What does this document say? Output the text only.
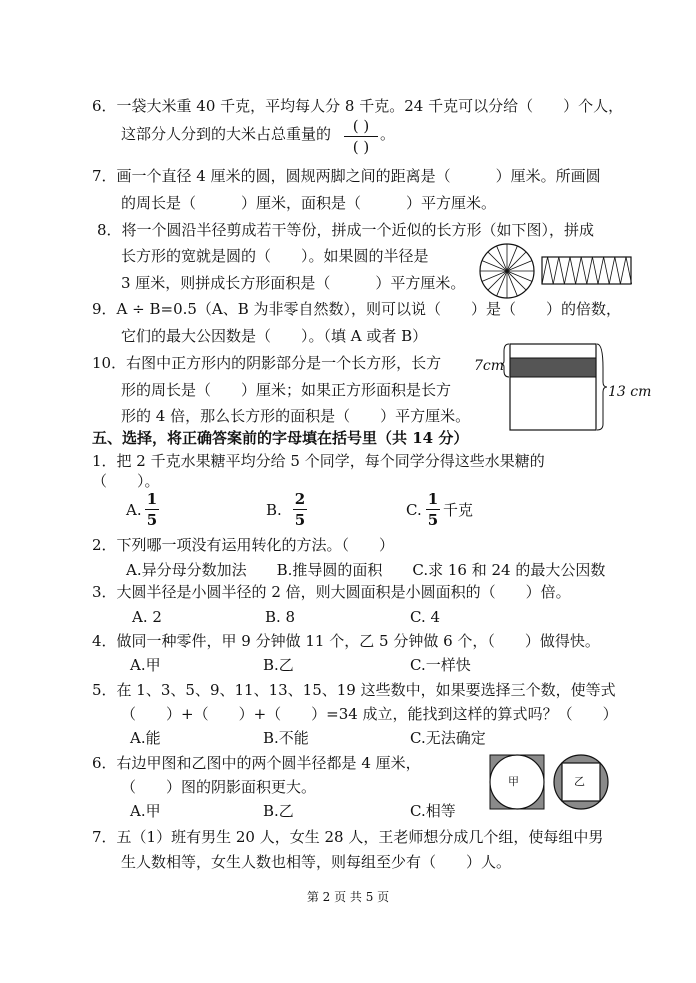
6．一袋大米重 40 千克，平均每人分 8 千克。24 千克可以分给（　　）个人，
这部分人分到的大米占总重量的	( )
( )
。
7．画一个直径 4 厘米的圆，圆规两脚之间的距离是（　　　）厘米。所画圆
的周长是（　　　）厘米，面积是（　　　）平方厘米。
8．将一个圆沿半径剪成若干等份，拼成一个近似的长方形（如下图），拼成
长方形的宽就是圆的（　　）。如果圆的半径是
3 厘米，则拼成长方形面积是（　　　）平方厘米。
9．A ÷ B=0.5（A、B 为非零自然数），则可以说（　　）是（　　）的倍数，
它们的最大公因数是（　　）。（填 A 或者 B）
10．右图中正方形内的阴影部分是一个长方形，长方
形的周长是（　　）厘米；如果正方形面积是长方
形的 4 倍，那么长方形的面积是（　　）平方厘米。
7cm
13 cm
五、选择，将正确答案前的字母填在括号里（共 14 分）
1．把 2 千克水果糖平均分给 5 个同学，每个同学分得这些水果糖的
（　　）。
A.
1
5
B.
2
5
C.
1
5
千克
2．下列哪一项没有运用转化的方法。（　　）
A.异分母分数加法　　B.推导圆的面积　　C.求 16 和 24 的最大公因数
3．大圆半径是小圆半径的 2 倍，则大圆面积是小圆面积的（　　）倍。
A. 2	B. 8	C. 4
4．做同一种零件，甲 9 分钟做 11 个，乙 5 分钟做 6 个，（　　）做得快。
A.甲	B.乙	C.一样快
5．在 1、3、5、9、11、13、15、19 这些数中，如果要选择三个数，使等式
（　　）+（　　）+（　　）=34 成立，能找到这样的算式吗？（　　）
A.能	B.不能	C.无法确定
6．右边甲图和乙图中的两个圆半径都是 4 厘米，
（　　）图的阴影面积更大。
A.甲	B.乙	C.相等
甲	乙
7．五（1）班有男生 20 人，女生 28 人，王老师想分成几个组，使每组中男
生人数相等，女生人数也相等，则每组至少有（　　）人。
第 2 页 共 5 页
